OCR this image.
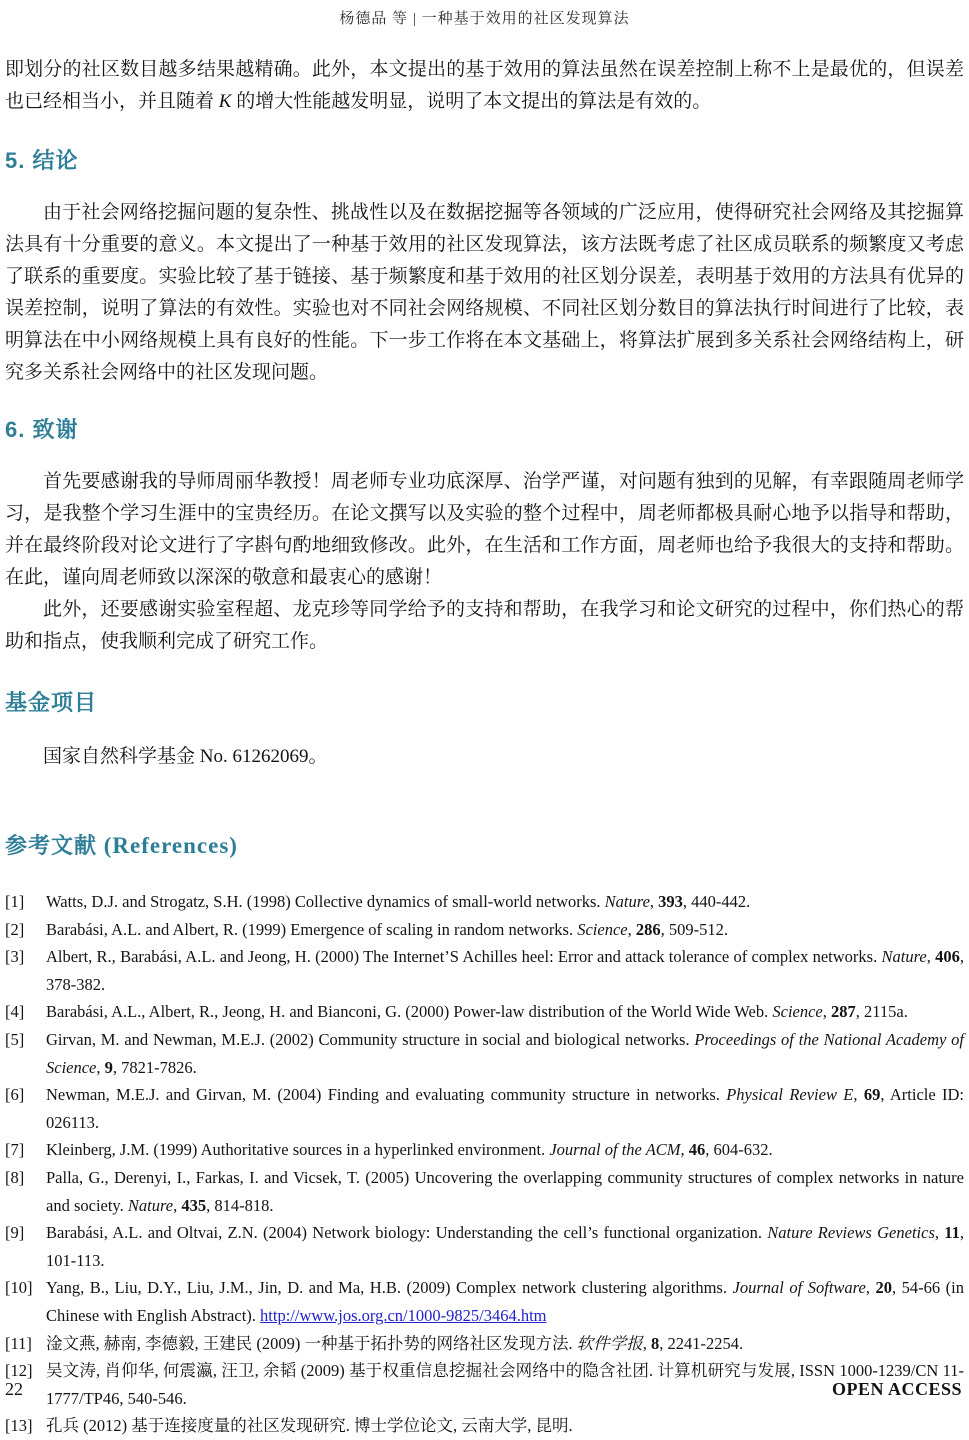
杨德品 等 | 一种基于效用的社区发现算法

即划分的社区数目越多结果越精确。此外，本文提出的基于效用的算法虽然在误差控制上称不上是最优的，但误差也已经相当小，并且随着 K 的增大性能越发明显，说明了本文提出的算法是有效的。

5. 结论

由于社会网络挖掘问题的复杂性、挑战性以及在数据挖掘等各领域的广泛应用，使得研究社会网络及其挖掘算法具有十分重要的意义。本文提出了一种基于效用的社区发现算法，该方法既考虑了社区成员联系的频繁度又考虑了联系的重要度。实验比较了基于链接、基于频繁度和基于效用的社区划分误差，表明基于效用的方法具有优异的误差控制，说明了算法的有效性。实验也对不同社会网络规模、不同社区划分数目的算法执行时间进行了比较，表明算法在中小网络规模上具有良好的性能。下一步工作将在本文基础上，将算法扩展到多关系社会网络结构上，研究多关系社会网络中的社区发现问题。

6. 致谢

首先要感谢我的导师周丽华教授！周老师专业功底深厚、治学严谨，对问题有独到的见解，有幸跟随周老师学习，是我整个学习生涯中的宝贵经历。在论文撰写以及实验的整个过程中，周老师都极具耐心地予以指导和帮助，并在最终阶段对论文进行了字斟句酌地细致修改。此外，在生活和工作方面，周老师也给予我很大的支持和帮助。在此，谨向周老师致以深深的敬意和最衷心的感谢！

此外，还要感谢实验室程超、龙克珍等同学给予的支持和帮助，在我学习和论文研究的过程中，你们热心的帮助和指点，使我顺利完成了研究工作。

基金项目

国家自然科学基金 No. 61262069。

参考文献 (References)
[1]	Watts, D.J. and Strogatz, S.H. (1998) Collective dynamics of small-world networks. Nature, 393, 440-442.
[2]	Barabási, A.L. and Albert, R. (1999) Emergence of scaling in random networks. Science, 286, 509-512.
[3]	Albert, R., Barabási, A.L. and Jeong, H. (2000) The Internet’S Achilles heel: Error and attack tolerance of complex networks. Nature, 406, 378-382.
[4]	Barabási, A.L., Albert, R., Jeong, H. and Bianconi, G. (2000) Power-law distribution of the World Wide Web. Science, 287, 2115a.
[5]	Girvan, M. and Newman, M.E.J. (2002) Community structure in social and biological networks. Proceedings of the National Academy of Science, 9, 7821-7826.
[6]	Newman, M.E.J. and Girvan, M. (2004) Finding and evaluating community structure in networks. Physical Review E, 69, Article ID: 026113.
[7]	Kleinberg, J.M. (1999) Authoritative sources in a hyperlinked environment. Journal of the ACM, 46, 604-632.
[8]	Palla, G., Derenyi, I., Farkas, I. and Vicsek, T. (2005) Uncovering the overlapping community structures of complex networks in nature and society. Nature, 435, 814-818.
[9]	Barabási, A.L. and Oltvai, Z.N. (2004) Network biology: Understanding the cell’s functional organization. Nature Reviews Genetics, 11, 101-113.
[10] Yang, B., Liu, D.Y., Liu, J.M., Jin, D. and Ma, H.B. (2009) Complex network clustering algorithms. Journal of Software, 20, 54-66 (in Chinese with English Abstract). http://www.jos.org.cn/1000-9825/3464.htm
[11] 淦文燕, 赫南, 李德毅, 王建民 (2009) 一种基于拓扑势的网络社区发现方法. 软件学报, 8, 2241-2254.
[12] 吴文涛, 肖仰华, 何震瀛, 汪卫, 余韬 (2009) 基于权重信息挖掘社会网络中的隐含社团. 计算机研究与发展, ISSN 1000-1239/CN 11-1777/TP46, 540-546.
[13] 孔兵 (2012) 基于连接度量的社区发现研究. 博士学位论文, 云南大学, 昆明.
22	OPEN ACCESS
